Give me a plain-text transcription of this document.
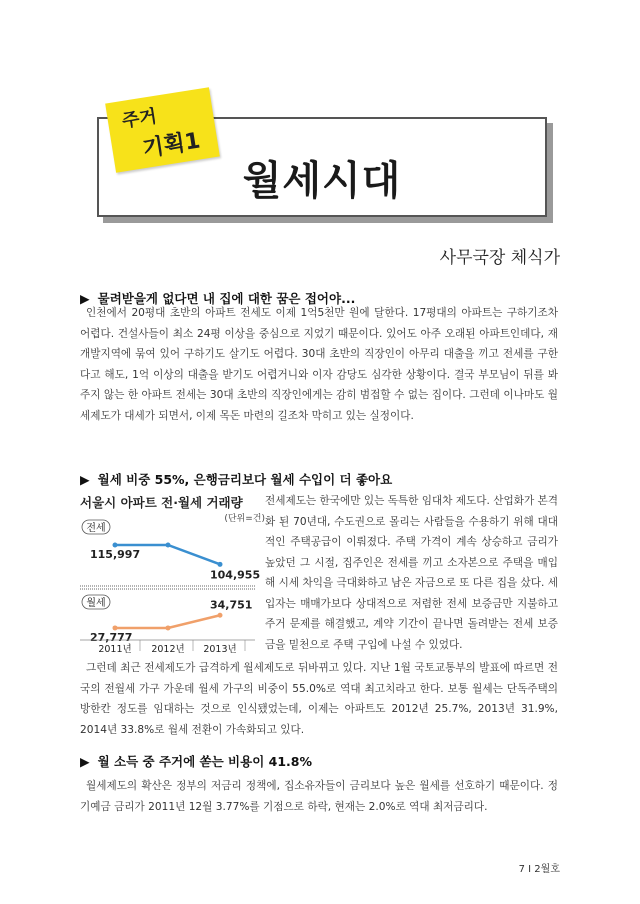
월세시대
주거
기획1
사무국장 체식가
▶ 물려받을게 없다면 내 집에 대한 꿈은 접어야...

인천에서 20평대 초반의 아파트 전세도 이제 1억5천만 원에 달한다. 17평대의 아파트는 구하기조차 어렵다. 건설사들이 최소 24평 이상을 중심으로 지었기 때문이다. 있어도 아주 오래된 아파트인데다, 재개발지역에 묶여 있어 구하기도 살기도 어렵다. 30대 초반의 직장인이 아무리 대출을 끼고 전세를 구한다고 해도, 1억 이상의 대출을 받기도 어렵거니와 이자 감당도 심각한 상황이다. 결국 부모님이 뒤를 봐주지 않는 한 아파트 전세는 30대 초반의 직장인에게는 감히 범접할 수 없는 집이다. 그런데 이나마도 월세제도가 대세가 되면서, 이제 목돈 마련의 길조차 막히고 있는 실정이다.

▶ 월세 비중 55%, 은행금리보다 월세 수입이 더 좋아요
서울시 아파트 전·월세 거래량
(단위=건)
전세
115,997
104,955
월세
27,777
34,751
2011년 2012년 2013년
전세제도는 한국에만 있는 독특한 임대차 제도다. 산업화가 본격화 된 70년대, 수도권으로 몰리는 사람들을 수용하기 위해 대대적인 주택공급이 이뤄졌다. 주택 가격이 계속 상승하고 금리가 높았던 그 시절, 집주인은 전세를 끼고 소자본으로 주택을 매입해 시세 차익을 극대화하고 남은 자금으로 또 다른 집을 샀다. 세입자는 매매가보다 상대적으로 저렴한 전세 보증금만 지불하고 주거 문제를 해결했고, 계약 기간이 끝나면 돌려받는 전세 보증금을 밑천으로 주택 구입에 나설 수 있었다.

그런데 최근 전세제도가 급격하게 월세제도로 뒤바뀌고 있다. 지난 1월 국토교통부의 발표에 따르면 전국의 전월세 가구 가운데 월세 가구의 비중이 55.0%로 역대 최고치라고 한다. 보통 월세는 단독주택의 방한칸 정도를 임대하는 것으로 인식됐었는데, 이제는 아파트도 2012년 25.7%, 2013년 31.9%, 2014년 33.8%로 월세 전환이 가속화되고 있다.

▶ 월 소득 중 주거에 쏟는 비용이 41.8%

월세제도의 확산은 정부의 저금리 정책에, 집소유자들이 금리보다 높은 월세를 선호하기 때문이다. 정기예금 금리가 2011년 12월 3.77%를 기점으로 하락, 현재는 2.0%로 역대 최저금리다.

7 I 2월호
